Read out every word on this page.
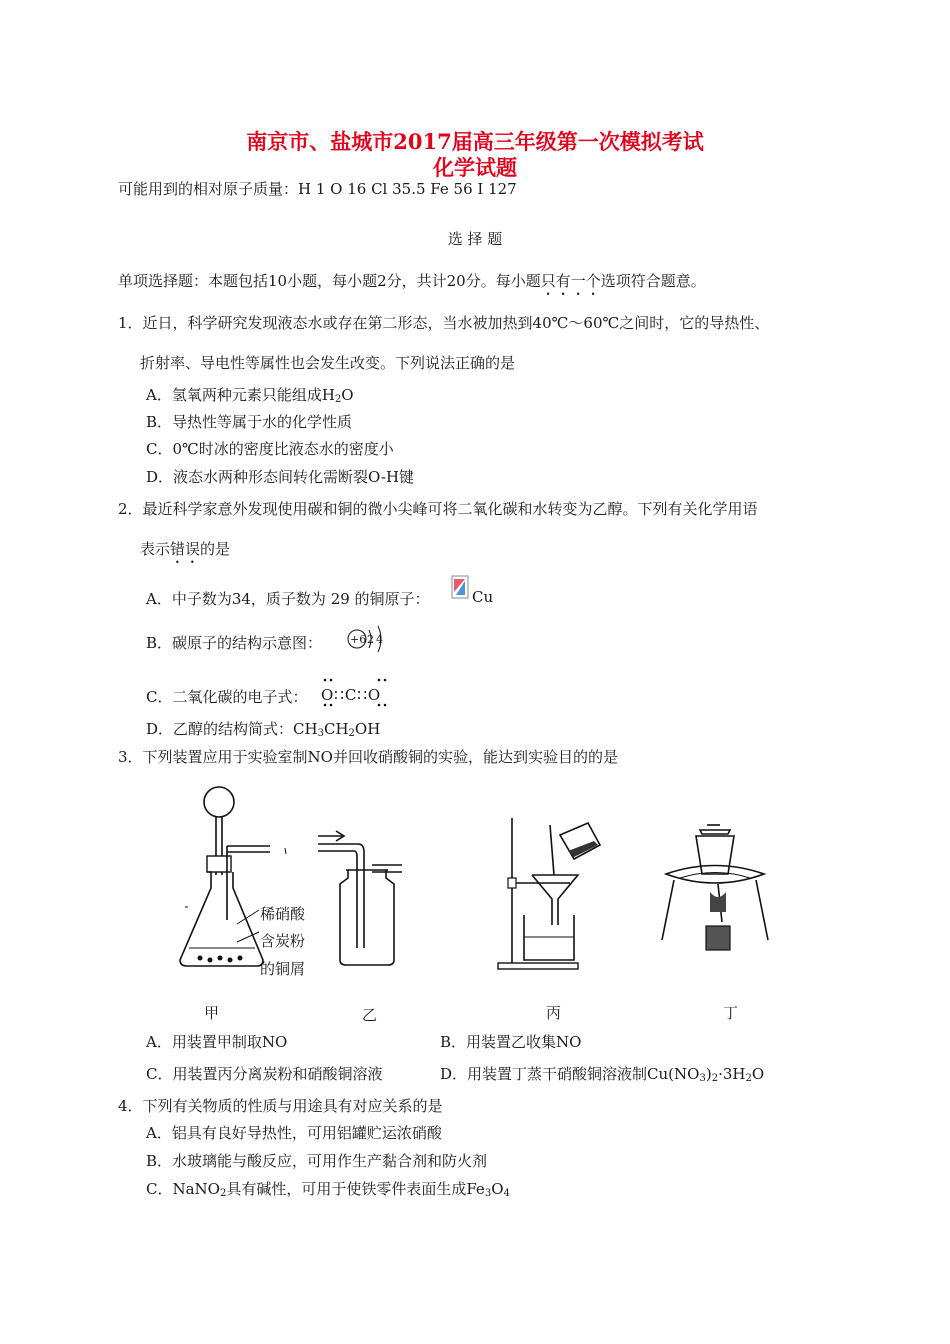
南京市、盐城市2017届高三年级第一次模拟考试
化学试题
可能用到的相对原子质量：H 1 O 16 Cl 35.5 Fe 56 I 127
选 择 题
单项选择题：本题包括10小题，每小题2分，共计20分。每小题只有一个选项符合题意。
1．近日，科学研究发现液态水或存在第二形态，当水被加热到40℃～60℃之间时，它的导热性、
折射率、导电性等属性也会发生改变。下列说法正确的是
A．氢氧两种元素只能组成$H_2O$
B．导热性等属于水的化学性质
C．0℃时冰的密度比液态水的密度小
D．液态水两种形态间转化需断裂O-H键
2．最近科学家意外发现使用碳和铜的微小尖峰可将二氧化碳和水转变为乙醇。下列有关化学用语
表示错误的是
A．中子数为34，质子数为 29 的铜原子：	Cu
B．碳原子的结构示意图：	+6 2 4
C．二氧化碳的电子式： O∷C∷O
D．乙醇的结构简式：$CH_3CH_2OH$
3．下列装置应用于实验室制NO并回收硝酸铜的实验，能达到实验目的的是
稀硝酸
含炭粉
的铜屑
甲	乙	丙	丁
A．用装置甲制取NO	B．用装置乙收集NO
C．用装置丙分离炭粉和硝酸铜溶液	D．用装置丁蒸干硝酸铜溶液制$Cu(NO_3)_2\cdot 3H_2O$
4．下列有关物质的性质与用途具有对应关系的是
A．铝具有良好导热性，可用铝罐贮运浓硝酸
B．水玻璃能与酸反应，可用作生产黏合剂和防火剂
C．NaNO$_2$具有碱性，可用于使铁零件表面生成$Fe_3O_4$
